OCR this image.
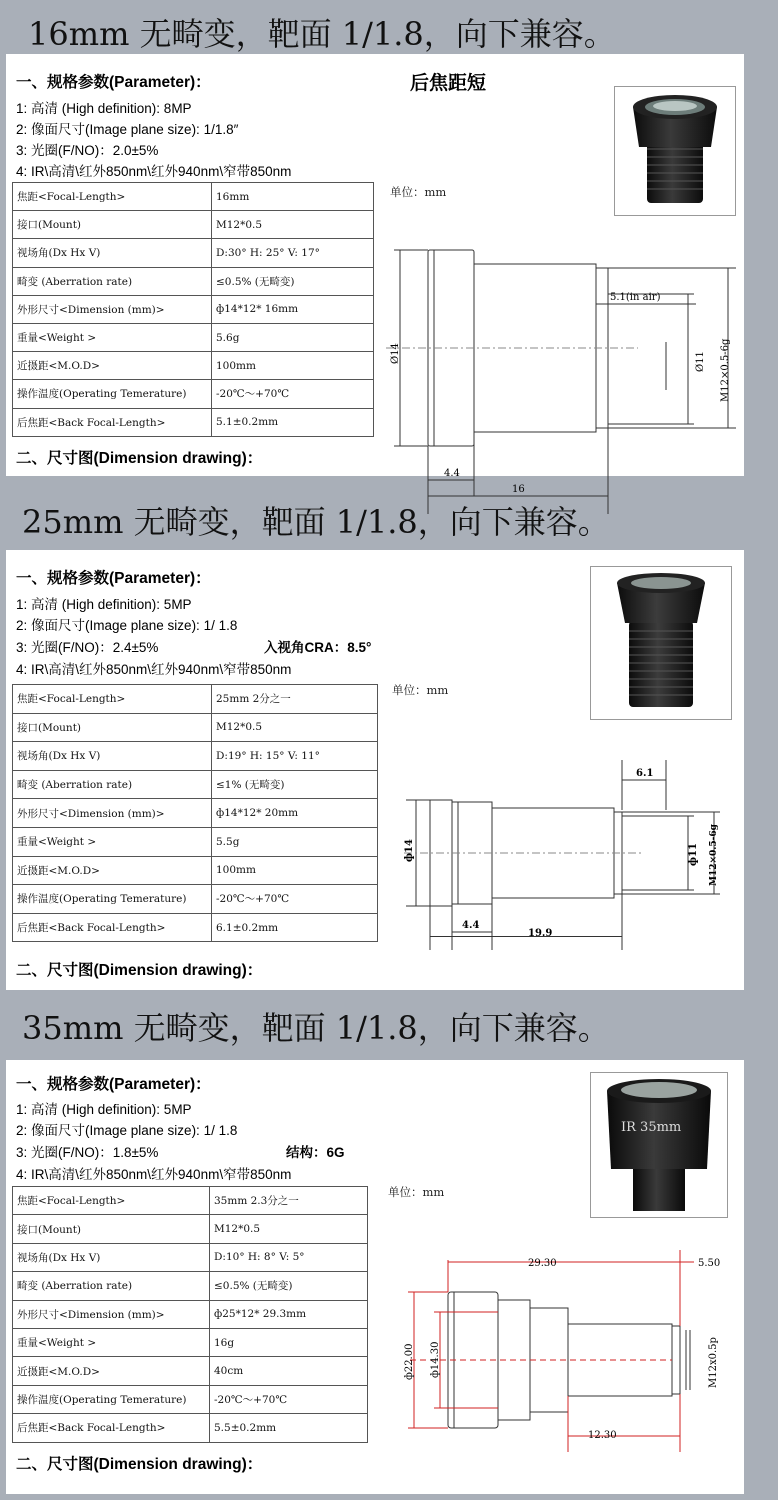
16mm 无畸变，靶面 1/1.8，向下兼容。
一、规格参数(Parameter)：
1: 高清 (High definition): 8MP
2: 像面尺寸(Image plane size): 1/1.8″
3: 光圈(F/NO)：2.0±5%
4: IR\高清\红外850nm\红外940nm\窄带850nm
后焦距短
焦距<Focal-Length>	16mm
接口(Mount)	M12*0.5
视场角(Dx Hx V)	D:30° H: 25° V: 17°
畸变 (Aberration rate)	≤0.5% (无畸变)
外形尺寸<Dimension (mm)>	ф14*12* 16mm
重量<Weight >	5.6g
近摄距<M.O.D>	100mm
操作温度(Operating Temerature)	-20℃～+70℃
后焦距<Back Focal-Length>	5.1±0.2mm
单位：mm
二、尺寸图(Dimension drawing)：
Ø14	Ø11 M12×0.5-6g
5.1(in air)
4.4
16
25mm 无畸变，靶面 1/1.8，向下兼容。
一、规格参数(Parameter)：
1: 高清 (High definition): 5MP
2: 像面尺寸(Image plane size): 1/ 1.8
3: 光圈(F/NO)：2.4±5%
4: IR\高清\红外850nm\红外940nm\窄带850nm
入视角CRA：8.5°
焦距<Focal-Length>	25mm 2分之一
接口(Mount)	M12*0.5
视场角(Dx Hx V)	D:19° H: 15° V: 11°
畸变 (Aberration rate)	≤1% (无畸变)
外形尺寸<Dimension (mm)>	ф14*12* 20mm
重量<Weight >	5.5g
近摄距<M.O.D>	100mm
操作温度(Operating Temerature)	-20℃～+70℃
后焦距<Back Focal-Length>	6.1±0.2mm
单位：mm
二、尺寸图(Dimension drawing)：
ф14	ф11 M12×0.5-6g
6.1
4.4
19.9
35mm 无畸变，靶面 1/1.8，向下兼容。
一、规格参数(Parameter)：
1: 高清 (High definition): 5MP
2: 像面尺寸(Image plane size): 1/ 1.8
3: 光圈(F/NO)：1.8±5%
4: IR\高清\红外850nm\红外940nm\窄带850nm
结构：6G
焦距<Focal-Length>	35mm 2.3分之一
接口(Mount)	M12*0.5
视场角(Dx Hx V)	D:10° H: 8° V: 5°
畸变 (Aberration rate)	≤0.5% (无畸变)
外形尺寸<Dimension (mm)>	ф25*12* 29.3mm
重量<Weight >	16g
近摄距<M.O.D>	40cm
操作温度(Operating Temerature)	-20℃～+70℃
后焦距<Back Focal-Length>	5.5±0.2mm
单位：mm
二、尺寸图(Dimension drawing)：
IR 35mm
ф22.00 ф14.30	M12x0.5p
29.30	5.50
12.30
